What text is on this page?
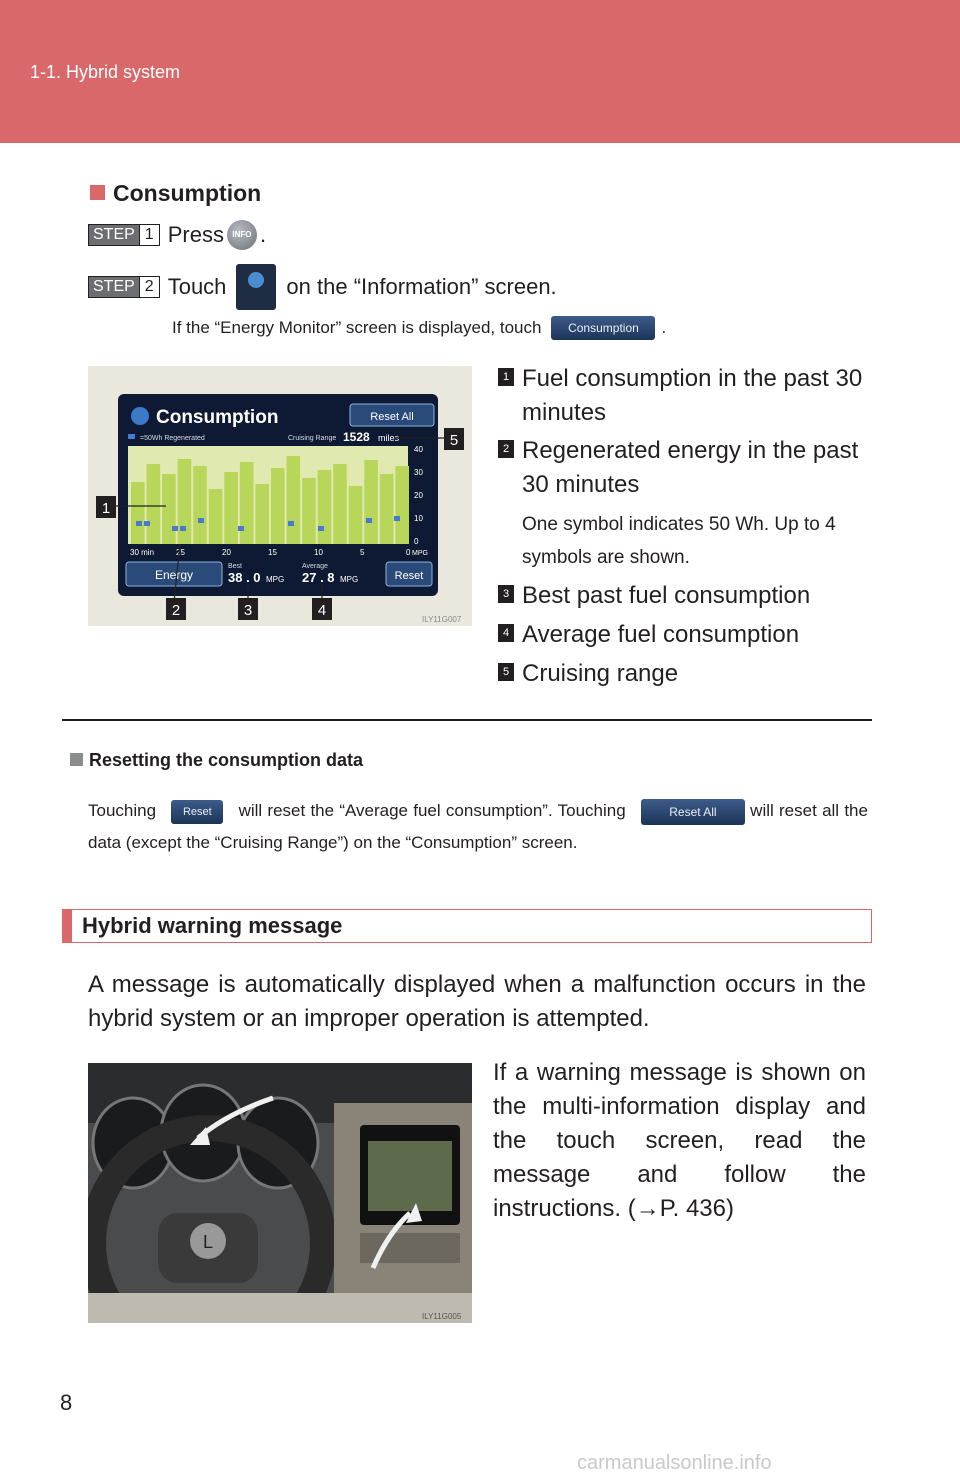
1-1. Hybrid system
Consumption
STEP 1 Press	INFO .
STEP 2 Touch	on the “Information” screen.
If the “Energy Monitor” screen is displayed, touch	Consumption	.
Consumption	Reset All
=50Wh Regenerated	Cruising Range 1528 miles
40
30
20
10
0
MPG
30 min	25	20	15	10	5	0
Energy
Best
38 . 0 MPG
Average
27 . 8 MPG	Reset
1
2	3	4
5
ILY11G007
1 Fuel consumption in the past 30 minutes
2 Regenerated energy in the past 30 minutes
One symbol indicates 50 Wh. Up to 4 symbols are shown.
3 Best past fuel consumption
4 Average fuel consumption
5 Cruising range
Resetting the consumption data
Touching Reset will reset the “Average fuel consumption”. Touching	Reset All will reset all the data (except the “Cruising Range”) on the “Consumption” screen.
Hybrid warning message
A message is automatically displayed when a malfunction occurs in the hybrid system or an improper operation is attempted.
L
ILY11G005
If a warning message is shown on the multi-information display and the touch screen, read the message and follow the instructions. (→P. 436)
8
carmanualsonline.info
